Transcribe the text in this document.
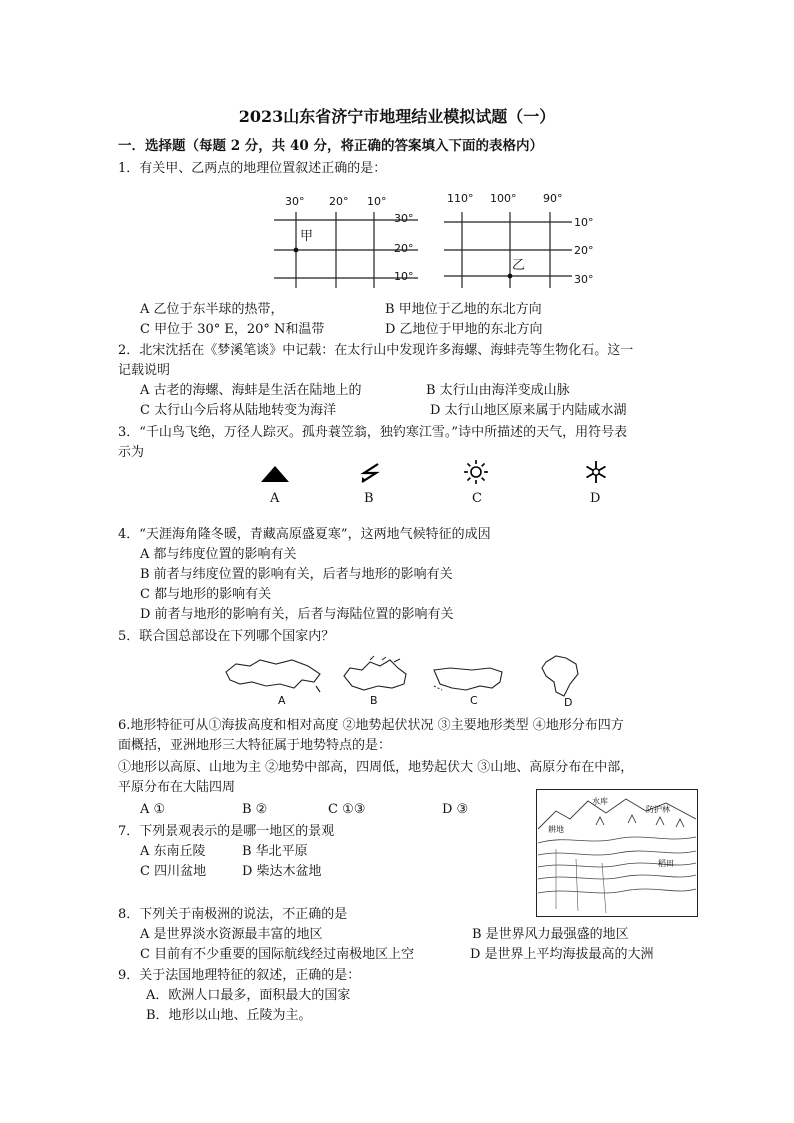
2023山东省济宁市地理结业模拟试题（一）
一．选择题（每题 2 分，共 40 分，将正确的答案填入下面的表格内）
1．有关甲、乙两点的地理位置叙述正确的是：
30° 20° 10°
30°
20°
10°
甲
110° 100° 90°
10°
20°
30°
乙
A 乙位于东半球的热带，	B 甲地位于乙地的东北方向
C 甲位于 30° E，20° N和温带	D 乙地位于甲地的东北方向
2．北宋沈括在《梦溪笔谈》中记载：在太行山中发现许多海螺、海蚌壳等生物化石。这一
记载说明
A 古老的海螺、海蚌是生活在陆地上的	B 太行山由海洋变成山脉
C 太行山今后将从陆地转变为海洋	D 太行山地区原来属于内陆咸水湖
3．“千山鸟飞绝，万径人踪灭。孤舟蓑笠翁，独钓寒江雪。”诗中所描述的天气，用符号表
示为
A	B	C	D
4．“天涯海角隆冬暖，青藏高原盛夏寒”，这两地气候特征的成因
A 都与纬度位置的影响有关
B 前者与纬度位置的影响有关，后者与地形的影响有关
C 都与地形的影响有关
D 前者与地形的影响有关，后者与海陆位置的影响有关
5．联合国总部设在下列哪个国家内？
A	B	C	D
6.地形特征可从①海拔高度和相对高度 ②地势起伏状况 ③主要地形类型 ④地形分布四方
面概括，亚洲地形三大特征属于地势特点的是：
①地形以高原、山地为主 ②地势中部高，四周低，地势起伏大 ③山地、高原分布在中部，
平原分布在大陆四周
A ①	B ②	C ①③	D ③
水库
防护林
耕地
稻田
7．下列景观表示的是哪一地区的景观
A 东南丘陵	B 华北平原
C 四川盆地	D 柴达木盆地
8．下列关于南极洲的说法，不正确的是
A 是世界淡水资源最丰富的地区	B 是世界风力最强盛的地区
C 目前有不少重要的国际航线经过南极地区上空	D 是世界上平均海拔最高的大洲
9．关于法国地理特征的叙述，正确的是：
A．欧洲人口最多，面积最大的国家
B．地形以山地、丘陵为主。
